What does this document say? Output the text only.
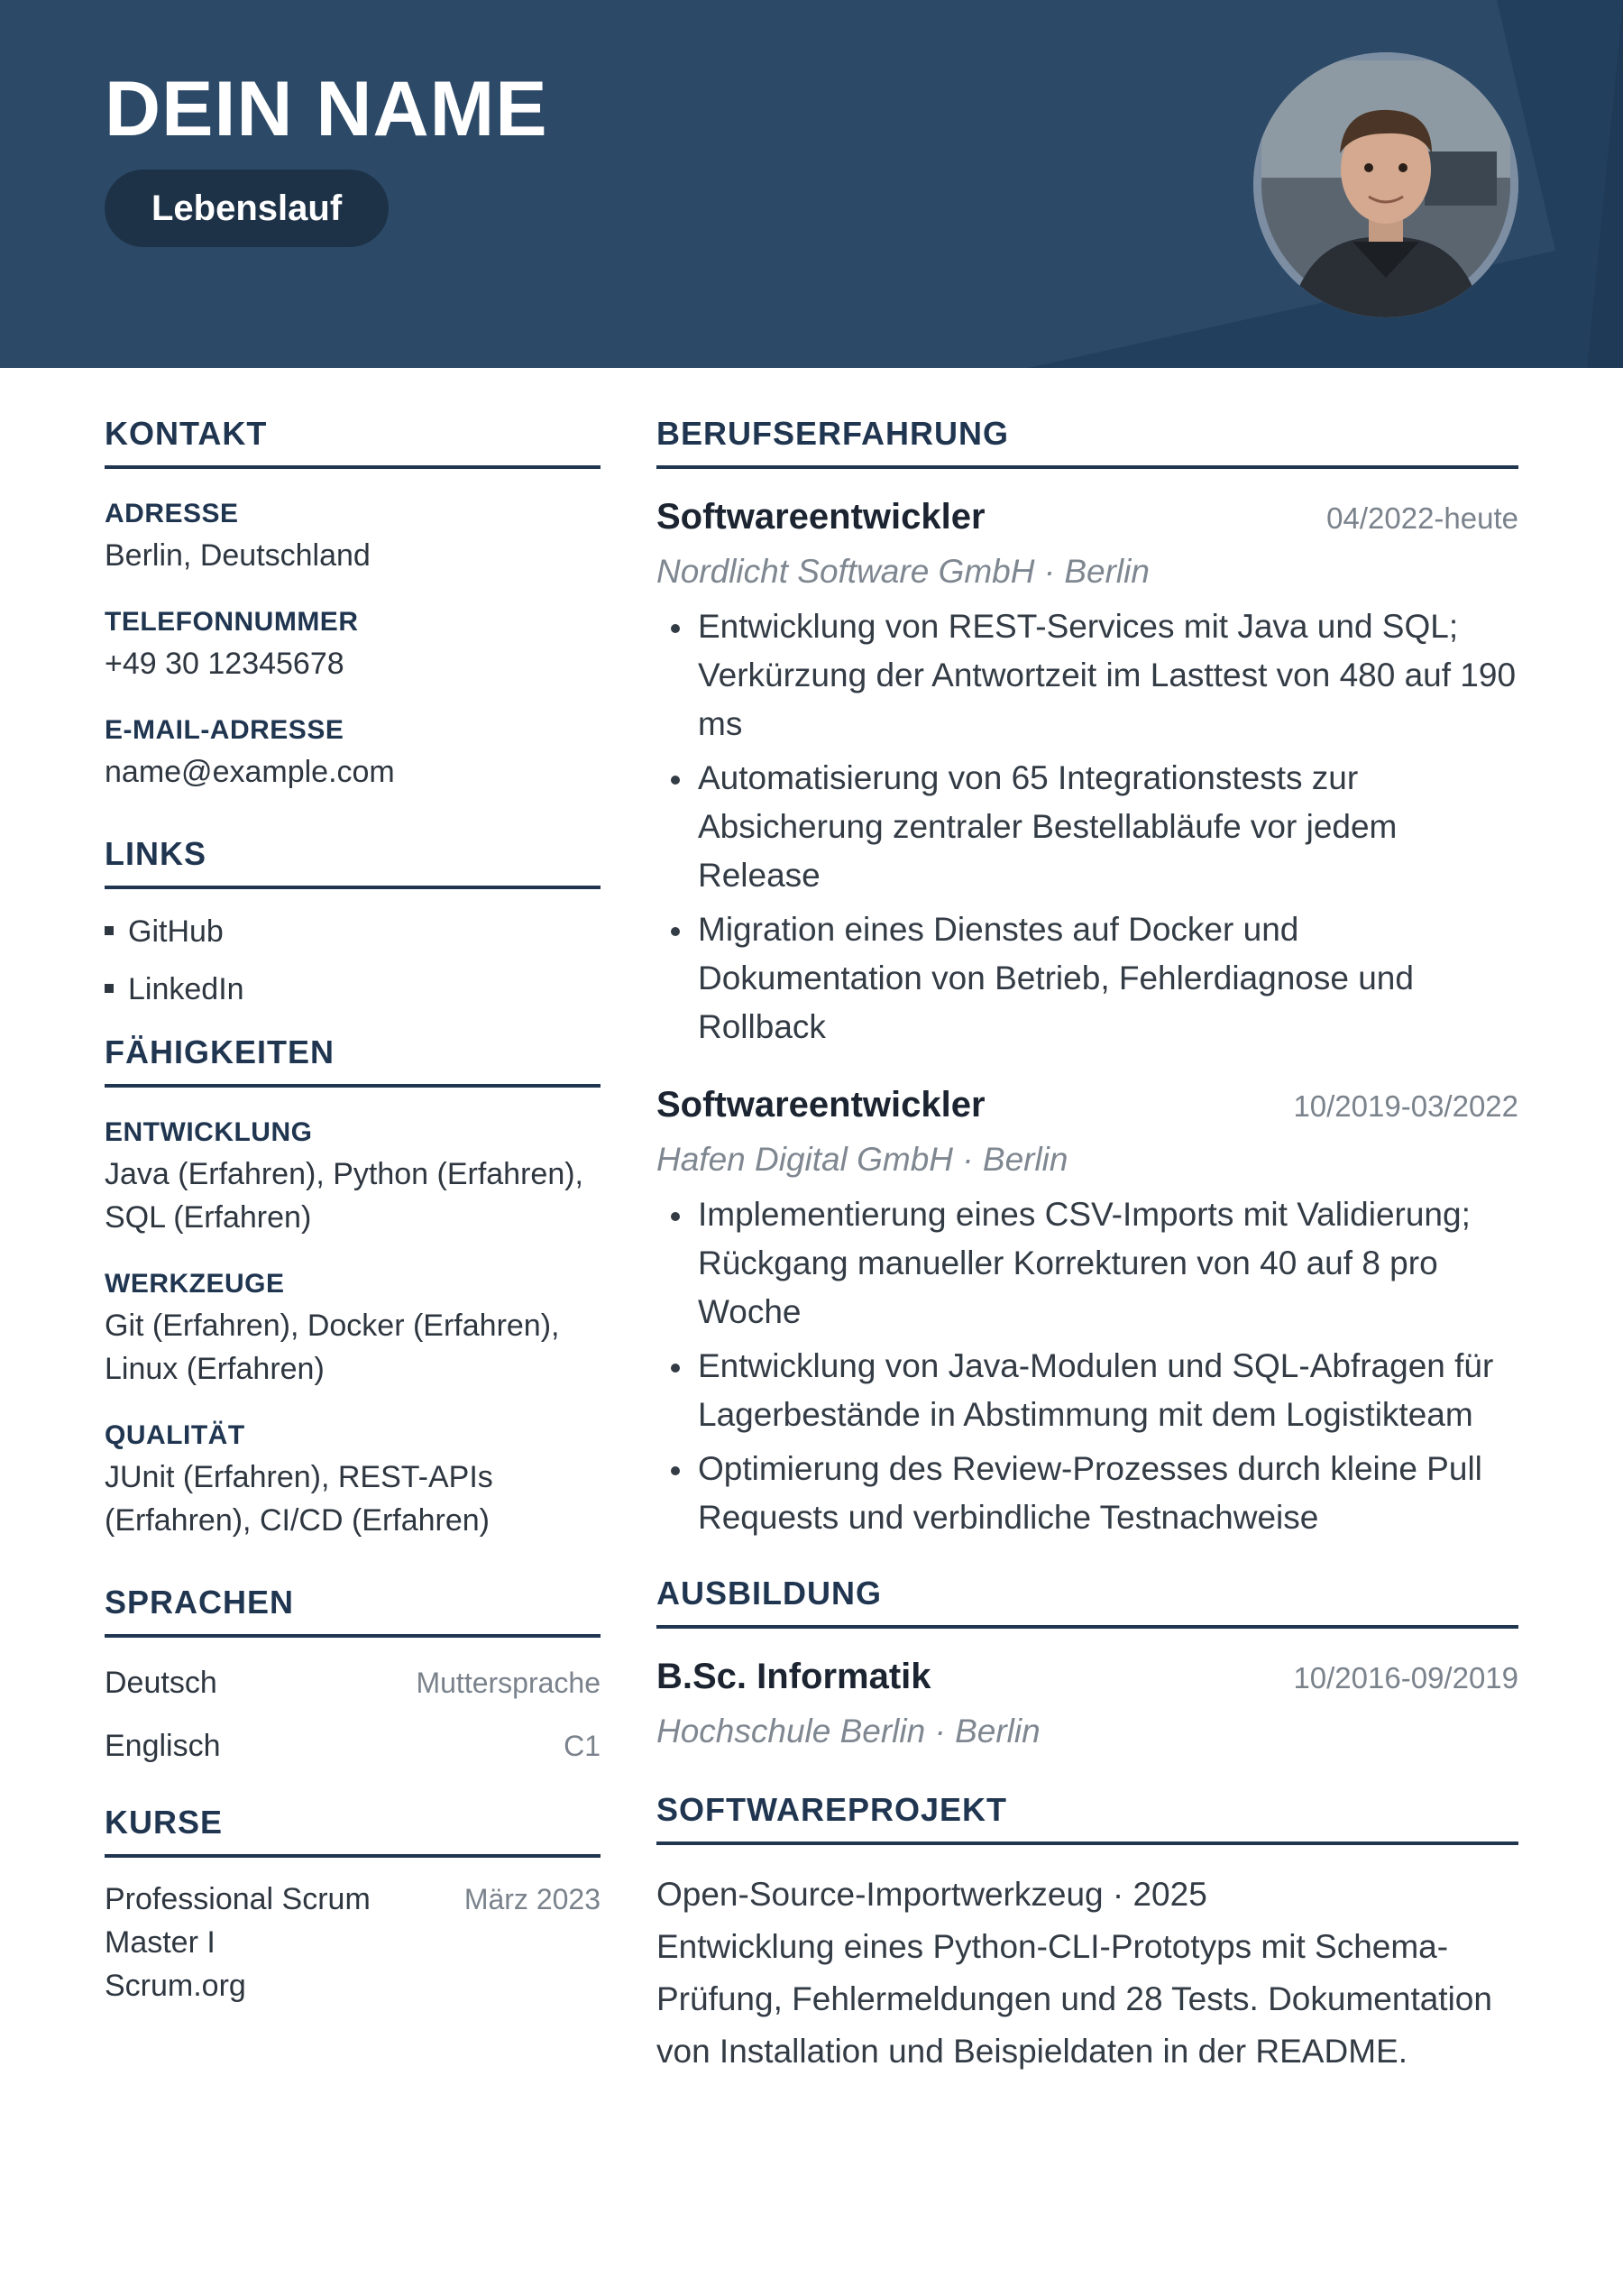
DEIN NAME
Lebenslauf
KONTAKT
ADRESSE
Berlin, Deutschland
TELEFONNUMMER
+49 30 12345678
E-MAIL-ADRESSE
name@example.com
LINKS
GitHub
LinkedIn
FÄHIGKEITEN
ENTWICKLUNG
Java (Erfahren), Python (Erfahren), SQL (Erfahren)
WERKZEUGE
Git (Erfahren), Docker (Erfahren), Linux (Erfahren)
QUALITÄT
JUnit (Erfahren), REST-APIs (Erfahren), CI/CD (Erfahren)
SPRACHEN
Deutsch	Muttersprache
Englisch	C1
KURSE
Professional Scrum Master I
Scrum.org
März 2023
BERUFSERFAHRUNG
Softwareentwickler	04/2022-heute
Nordlicht Software GmbH · Berlin
Entwicklung von REST-Services mit Java und SQL; Verkürzung der Antwortzeit im Lasttest von 480 auf 190 ms
Automatisierung von 65 Integrationstests zur Absicherung zentraler Bestellabläufe vor jedem Release
Migration eines Dienstes auf Docker und Dokumentation von Betrieb, Fehlerdiagnose und Rollback
Softwareentwickler	10/2019-03/2022
Hafen Digital GmbH · Berlin
Implementierung eines CSV-Imports mit Validierung; Rückgang manueller Korrekturen von 40 auf 8 pro Woche
Entwicklung von Java-Modulen und SQL-Abfragen für Lagerbestände in Abstimmung mit dem Logistikteam
Optimierung des Review-Prozesses durch kleine Pull Requests und verbindliche Testnachweise
AUSBILDUNG
B.Sc. Informatik	10/2016-09/2019
Hochschule Berlin · Berlin
SOFTWAREPROJEKT

Open-Source-Importwerkzeug · 2025

Entwicklung eines Python-CLI-Prototyps mit Schema-Prüfung, Fehlermeldungen und 28 Tests. Dokumentation von Installation und Beispieldaten in der README.
